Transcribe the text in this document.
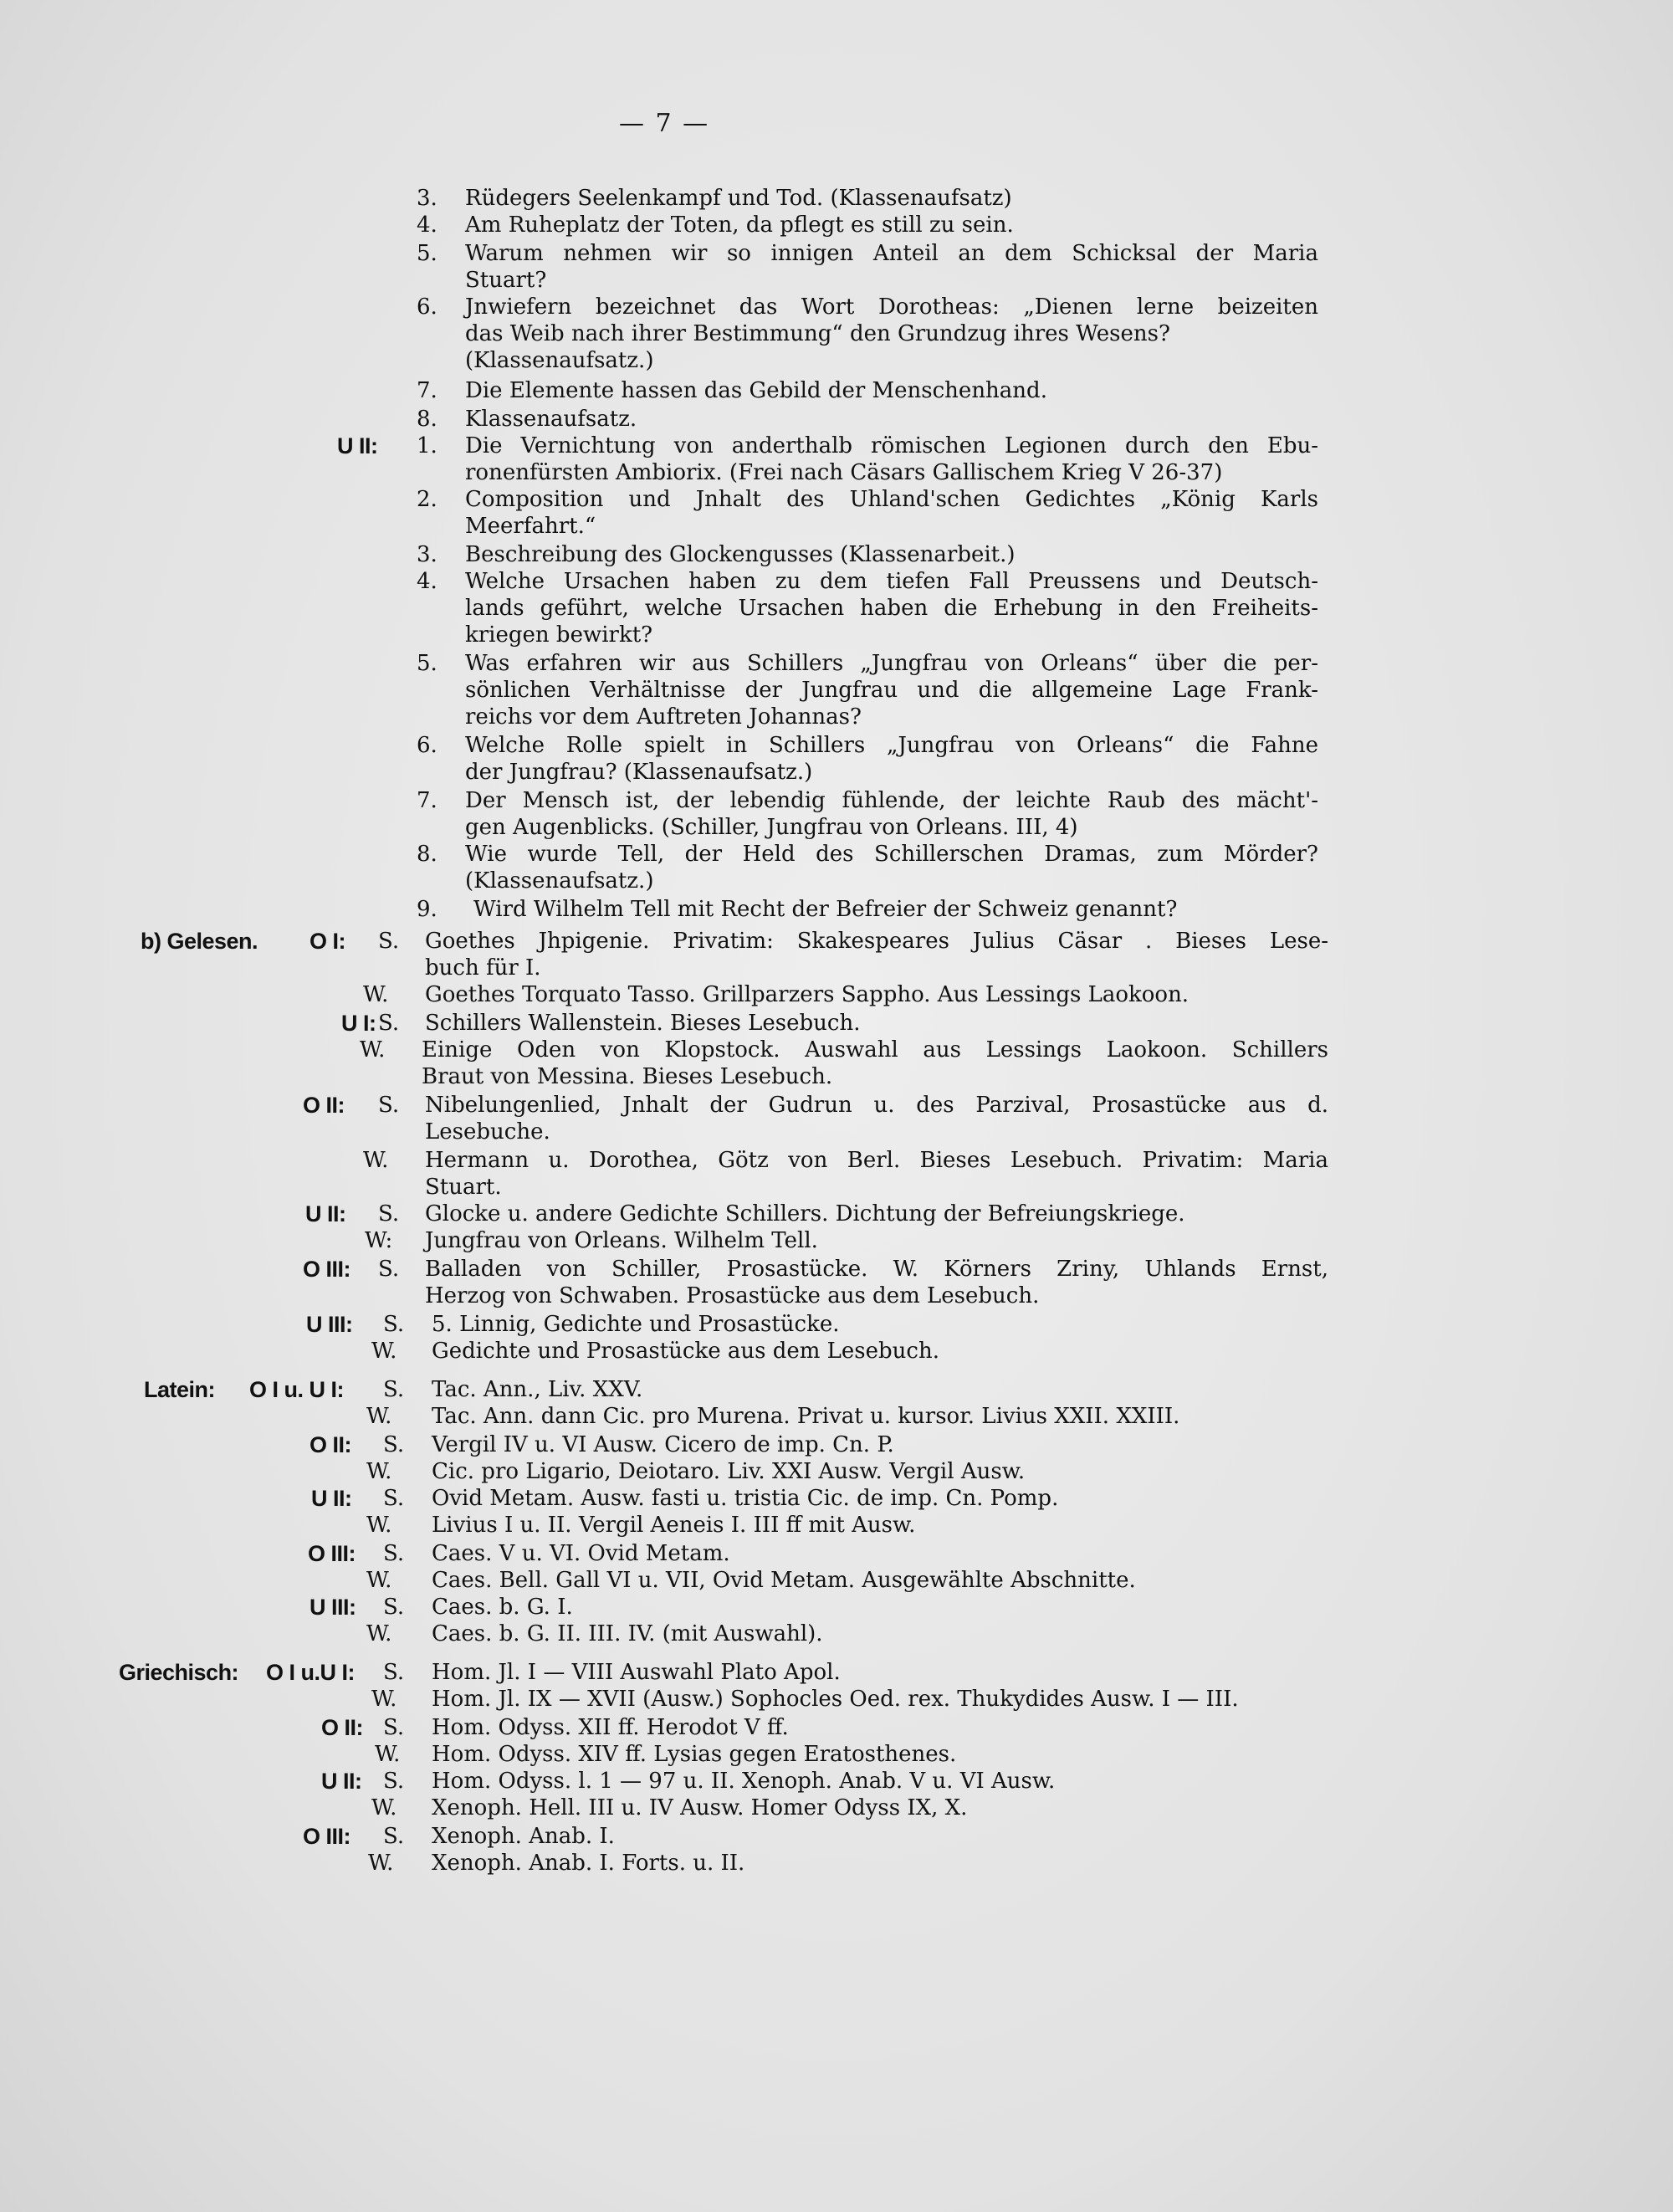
— 7 —
3. Rüdegers Seelenkampf und Tod. (Klassenaufsatz)
4. Am Ruheplatz der Toten, da pflegt es still zu sein.
5. Warum nehmen wir so innigen Anteil an dem Schicksal der Maria
Stuart?
6. Jnwiefern bezeichnet das Wort Dorotheas: „Dienen lerne beizeiten
das Weib nach ihrer Bestimmung“ den Grundzug ihres Wesens?
(Klassenaufsatz.)
7. Die Elemente hassen das Gebild der Menschenhand.
8. Klassenaufsatz.
U II: 1. Die Vernichtung von anderthalb römischen Legionen durch den Ebu-
ronenfürsten Ambiorix. (Frei nach Cäsars Gallischem Krieg V 26-37)
2. Composition und Jnhalt des Uhland'schen Gedichtes „König Karls
Meerfahrt.“
3. Beschreibung des Glockengusses (Klassenarbeit.)
4. Welche Ursachen haben zu dem tiefen Fall Preussens und Deutsch-
lands geführt, welche Ursachen haben die Erhebung in den Freiheits-
kriegen bewirkt?
5. Was erfahren wir aus Schillers „Jungfrau von Orleans“ über die per-
sönlichen Verhältnisse der Jungfrau und die allgemeine Lage Frank-
reichs vor dem Auftreten Johannas?
6. Welche Rolle spielt in Schillers „Jungfrau von Orleans“ die Fahne
der Jungfrau? (Klassenaufsatz.)
7. Der Mensch ist, der lebendig fühlende, der leichte Raub des mächt'-
gen Augenblicks. (Schiller, Jungfrau von Orleans. III, 4)
8. Wie wurde Tell, der Held des Schillerschen Dramas, zum Mörder?
(Klassenaufsatz.)
9. Wird Wilhelm Tell mit Recht der Befreier der Schweiz genannt?
b) Gelesen. O I: S. Goethes Jhpigenie. Privatim: Skakespeares Julius Cäsar . Bieses Lese-
buch für I.
W. Goethes Torquato Tasso. Grillparzers Sappho. Aus Lessings Laokoon.
U I: S. Schillers Wallenstein. Bieses Lesebuch.
W. Einige Oden von Klopstock. Auswahl aus Lessings Laokoon. Schillers
Braut von Messina. Bieses Lesebuch.
O II: S. Nibelungenlied, Jnhalt der Gudrun u. des Parzival, Prosastücke aus d.
Lesebuche.
W. Hermann u. Dorothea, Götz von Berl. Bieses Lesebuch. Privatim: Maria
Stuart.
U II: S. Glocke u. andere Gedichte Schillers. Dichtung der Befreiungskriege.
W: Jungfrau von Orleans. Wilhelm Tell.
O III: S. Balladen von Schiller, Prosastücke. W. Körners Zriny, Uhlands Ernst,
Herzog von Schwaben. Prosastücke aus dem Lesebuch.
U III: S. 5. Linnig, Gedichte und Prosastücke.
W. Gedichte und Prosastücke aus dem Lesebuch.
Latein: O I u. U I: S. Tac. Ann., Liv. XXV.
W. Tac. Ann. dann Cic. pro Murena. Privat u. kursor. Livius XXII. XXIII.
O II: S. Vergil IV u. VI Ausw. Cicero de imp. Cn. P.
W. Cic. pro Ligario, Deiotaro. Liv. XXI Ausw. Vergil Ausw.
U II: S. Ovid Metam. Ausw. fasti u. tristia Cic. de imp. Cn. Pomp.
W. Livius I u. II. Vergil Aeneis I. III ff mit Ausw.
O III: S. Caes. V u. VI. Ovid Metam.
W. Caes. Bell. Gall VI u. VII, Ovid Metam. Ausgewählte Abschnitte.
U III: S. Caes. b. G. I.
W. Caes. b. G. II. III. IV. (mit Auswahl).
Griechisch: O I u.U I: S. Hom. Jl. I — VIII Auswahl Plato Apol.
W. Hom. Jl. IX — XVII (Ausw.) Sophocles Oed. rex. Thukydides Ausw. I — III.
O II: S. Hom. Odyss. XII ff. Herodot V ff.
W. Hom. Odyss. XIV ff. Lysias gegen Eratosthenes.
U II: S. Hom. Odyss. l. 1 — 97 u. II. Xenoph. Anab. V u. VI Ausw.
W. Xenoph. Hell. III u. IV Ausw. Homer Odyss IX, X.
O III: S. Xenoph. Anab. I.
W. Xenoph. Anab. I. Forts. u. II.
